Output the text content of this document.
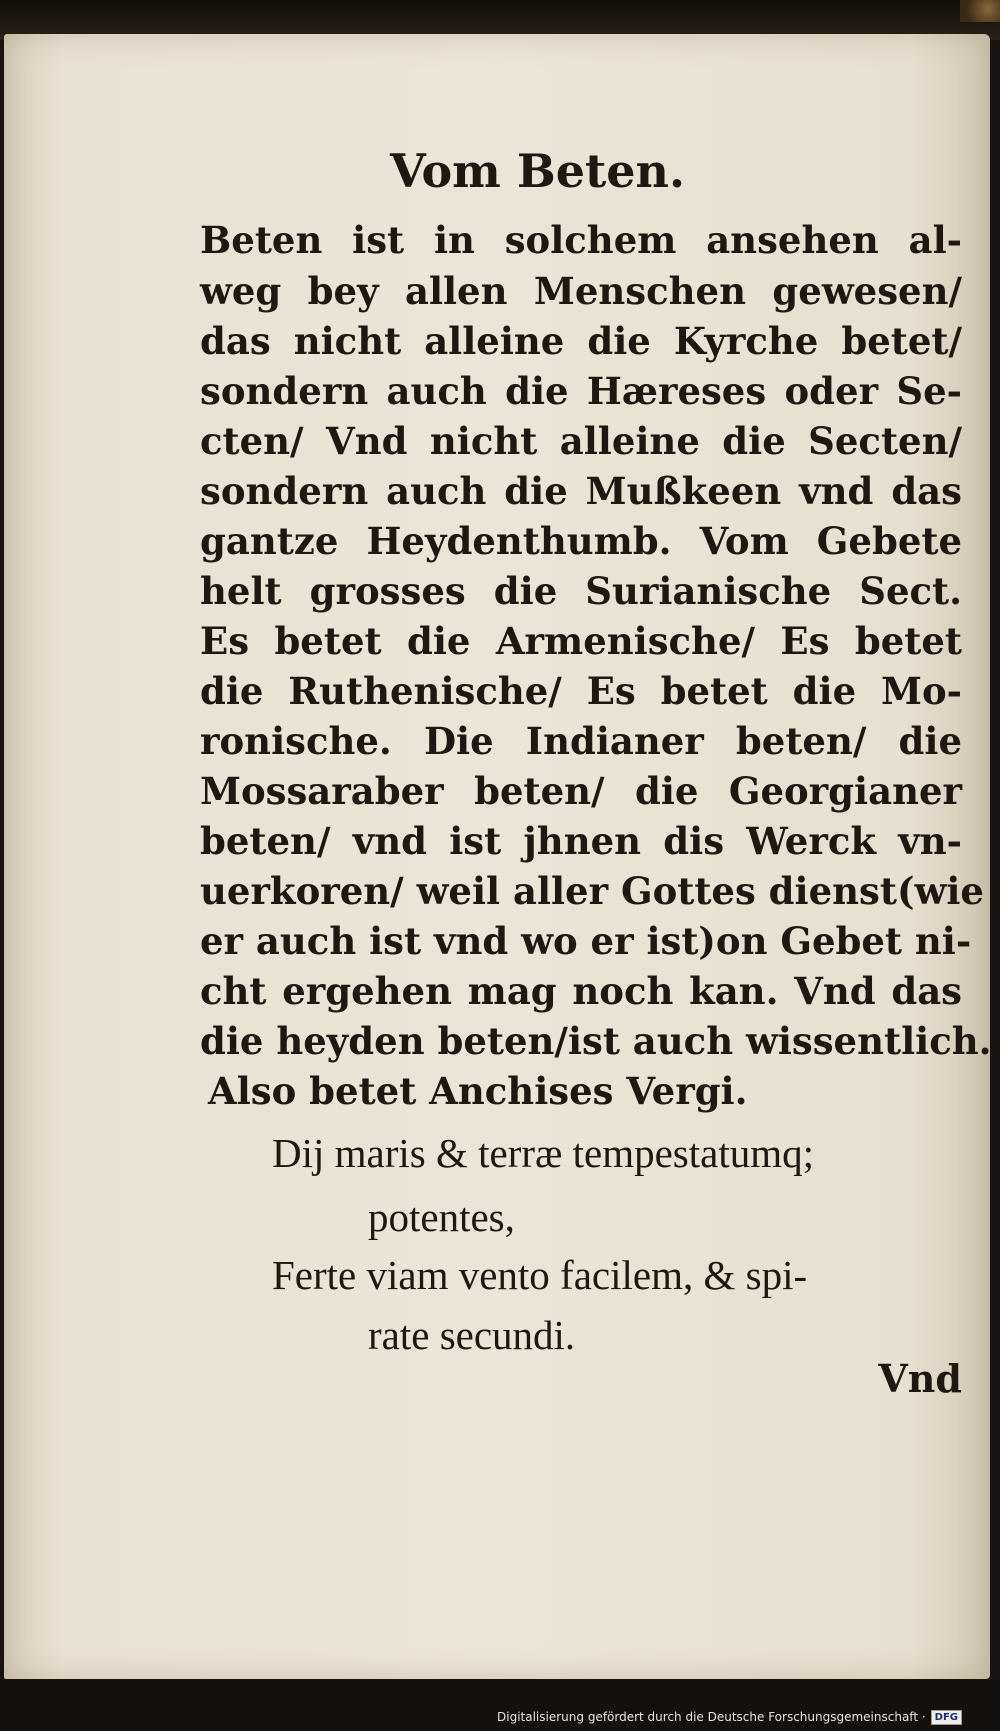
Vom Beten.
Beten ist in solchem ansehen al-
weg bey allen Menschen gewesen/
das nicht alleine die Kyrche betet/
sondern auch die Hæreses oder Se-
cten/ Vnd nicht alleine die Secten/
sondern auch die Mußkeen vnd das
gantze Heydenthumb. Vom Gebete
helt grosses die Surianische Sect.
Es betet die Armenische/ Es betet
die Ruthenische/ Es betet die Mo-
ronische. Die Indianer beten/ die
Mossaraber beten/ die Georgianer
beten/ vnd ist jhnen dis Werck vn-
uerkoren/ weil aller Gottes dienst(wie
er auch ist vnd wo er ist)on Gebet ni-
cht ergehen mag noch kan. Vnd das
die heyden beten/ist auch wissentlich.
Also betet Anchises Vergi.
Dij maris & terræ tempestatumq;
potentes,
Ferte viam vento facilem, & spi-
rate secundi.
Vnd
Digitalisierung gefördert durch die Deutsche Forschungsgemeinschaft · DFG
